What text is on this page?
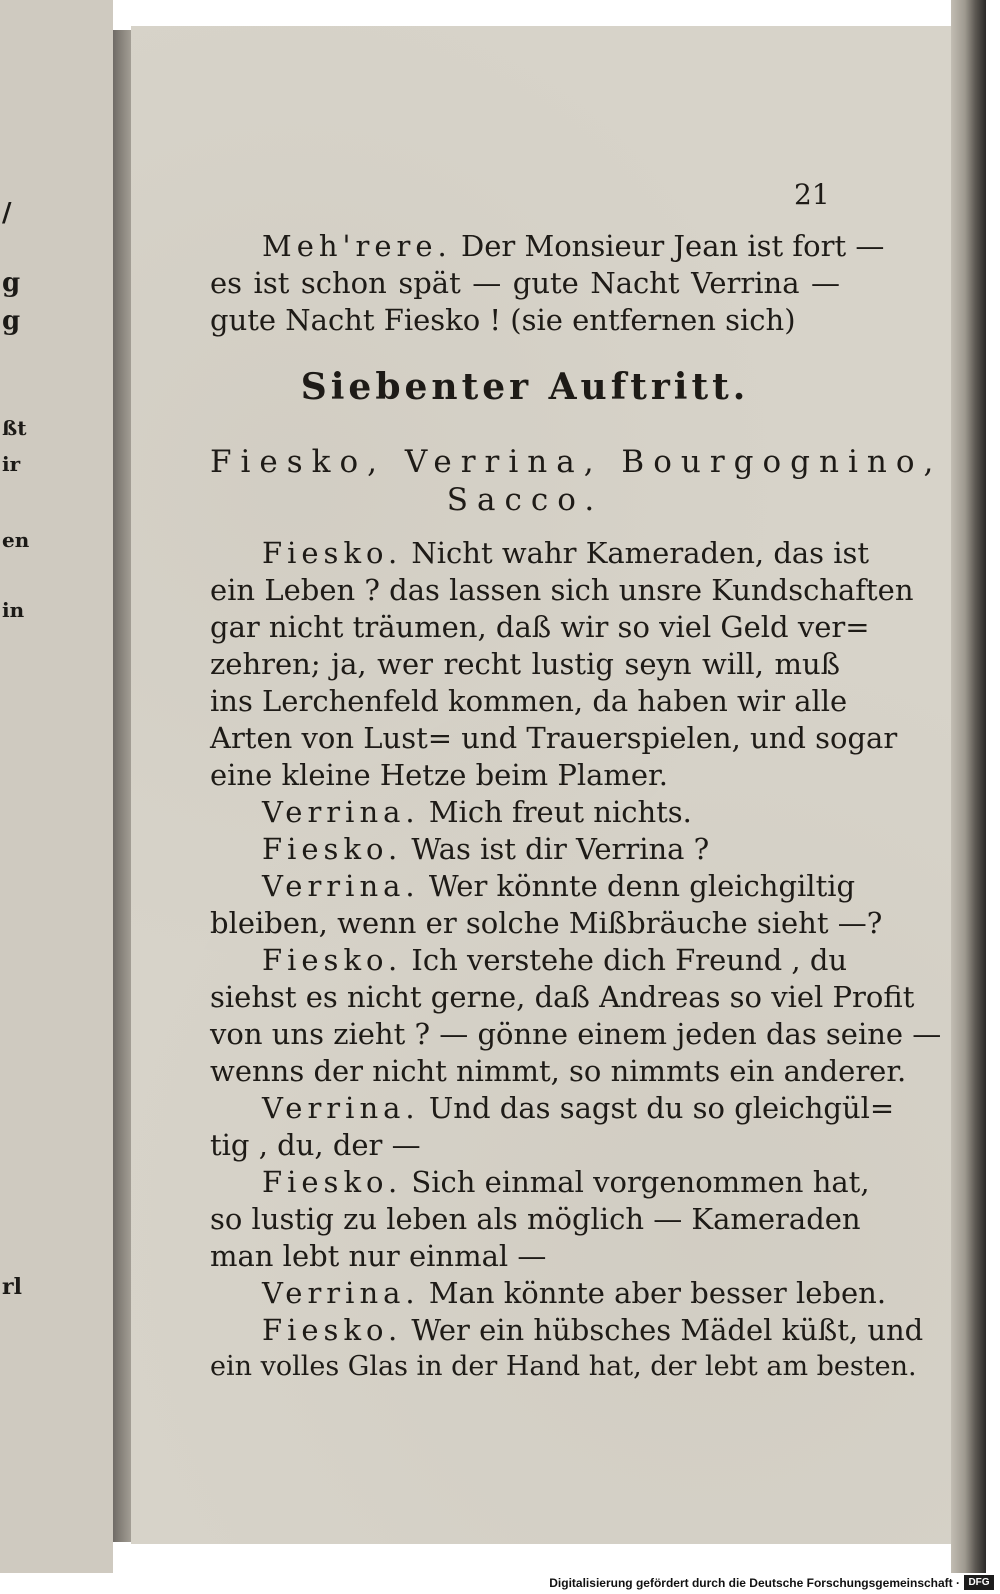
/
g
g
ßt
ir
en
in
rl
21
Meh'rere. Der Monsieur Jean ist fort —
es ist schon spät — gute Nacht Verrina —
gute Nacht Fiesko ! (sie entfernen sich)
Siebenter Auftritt.
Fiesko, Verrina, Bourgognino,
Sacco.
Fiesko. Nicht wahr Kameraden, das ist
ein Leben ? das lassen sich unsre Kundschaften
gar nicht träumen, daß wir so viel Geld ver=
zehren; ja, wer recht lustig seyn will, muß
ins Lerchenfeld kommen, da haben wir alle
Arten von Lust= und Trauerspielen, und sogar
eine kleine Hetze beim Plamer.
Verrina. Mich freut nichts.
Fiesko. Was ist dir Verrina ?
Verrina. Wer könnte denn gleichgiltig
bleiben, wenn er solche Mißbräuche sieht —?
Fiesko. Ich verstehe dich Freund , du
siehst es nicht gerne, daß Andreas so viel Profit
von uns zieht ? — gönne einem jeden das seine —
wenns der nicht nimmt, so nimmts ein anderer.
Verrina. Und das sagst du so gleichgül=
tig , du, der —
Fiesko. Sich einmal vorgenommen hat,
so lustig zu leben als möglich — Kameraden
man lebt nur einmal —
Verrina. Man könnte aber besser leben.
Fiesko. Wer ein hübsches Mädel küßt, und
ein volles Glas in der Hand hat, der lebt am besten.
Digitalisierung gefördert durch die Deutsche Forschungsgemeinschaft · DFG
